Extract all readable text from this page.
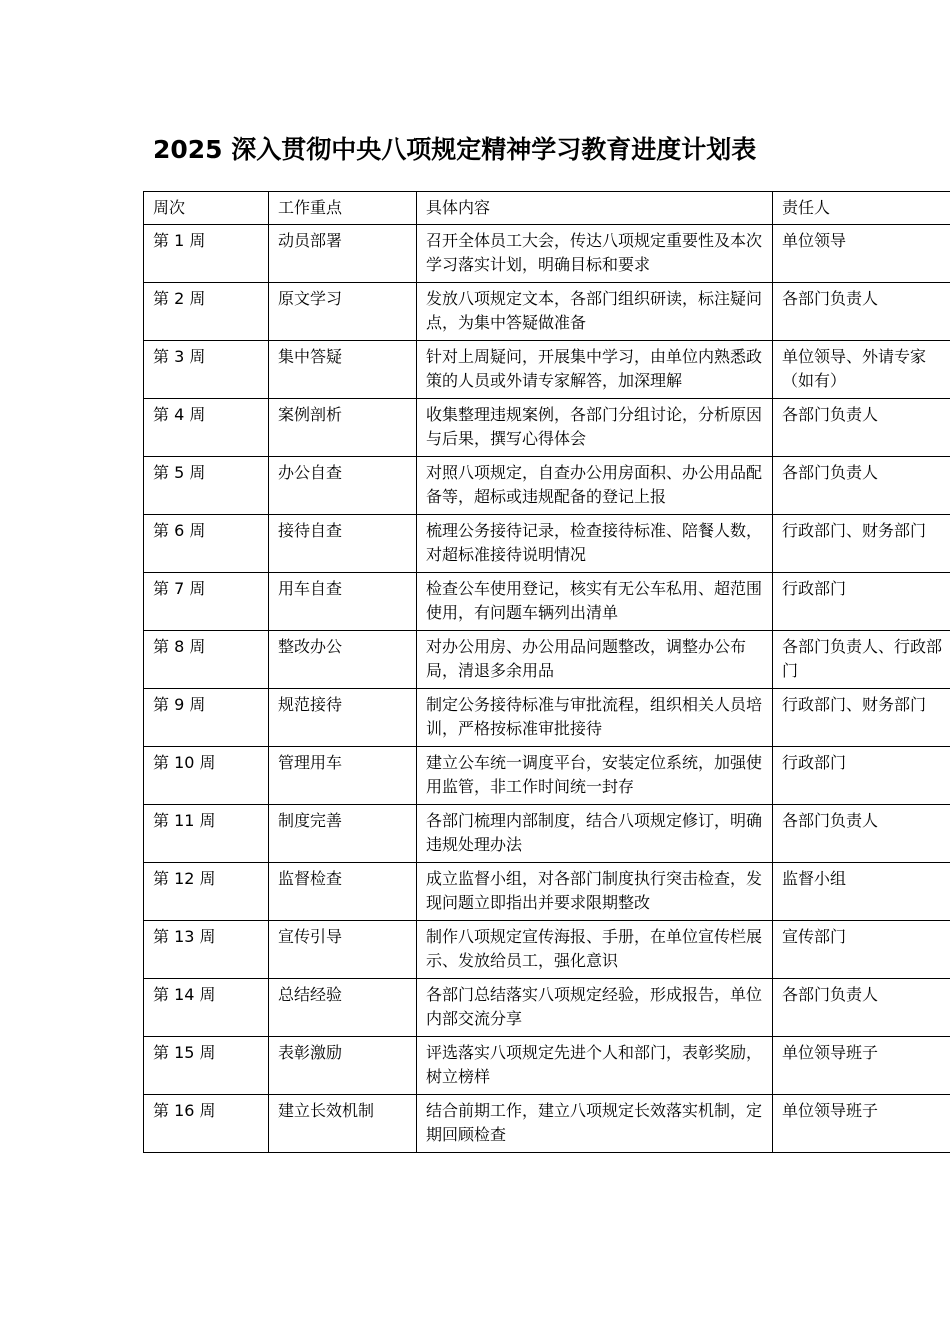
2025 深入贯彻中央八项规定精神学习教育进度计划表
周次	工作重点	具体内容	责任人
第 1 周	动员部署	召开全体员工大会，传达八项规定重要性及本次学习落实计划，明确目标和要求	单位领导
第 2 周	原文学习	发放八项规定文本，各部门组织研读，标注疑问点，为集中答疑做准备	各部门负责人
第 3 周	集中答疑	针对上周疑问，开展集中学习，由单位内熟悉政策的人员或外请专家解答，加深理解	单位领导、外请专家（如有）
第 4 周	案例剖析	收集整理违规案例，各部门分组讨论，分析原因与后果，撰写心得体会	各部门负责人
第 5 周	办公自查	对照八项规定，自查办公用房面积、办公用品配备等，超标或违规配备的登记上报	各部门负责人
第 6 周	接待自查	梳理公务接待记录，检查接待标准、陪餐人数，对超标准接待说明情况	行政部门、财务部门
第 7 周	用车自查	检查公车使用登记，核实有无公车私用、超范围使用，有问题车辆列出清单	行政部门
第 8 周	整改办公	对办公用房、办公用品问题整改，调整办公布局，清退多余用品	各部门负责人、行政部门
第 9 周	规范接待	制定公务接待标准与审批流程，组织相关人员培训，严格按标准审批接待	行政部门、财务部门
第 10 周	管理用车	建立公车统一调度平台，安装定位系统，加强使用监管，非工作时间统一封存	行政部门
第 11 周	制度完善	各部门梳理内部制度，结合八项规定修订，明确违规处理办法	各部门负责人
第 12 周	监督检查	成立监督小组，对各部门制度执行突击检查，发现问题立即指出并要求限期整改	监督小组
第 13 周	宣传引导	制作八项规定宣传海报、手册，在单位宣传栏展示、发放给员工，强化意识	宣传部门
第 14 周	总结经验	各部门总结落实八项规定经验，形成报告，单位内部交流分享	各部门负责人
第 15 周	表彰激励	评选落实八项规定先进个人和部门，表彰奖励，树立榜样	单位领导班子
第 16 周	建立长效机制	结合前期工作，建立八项规定长效落实机制，定期回顾检查	单位领导班子
